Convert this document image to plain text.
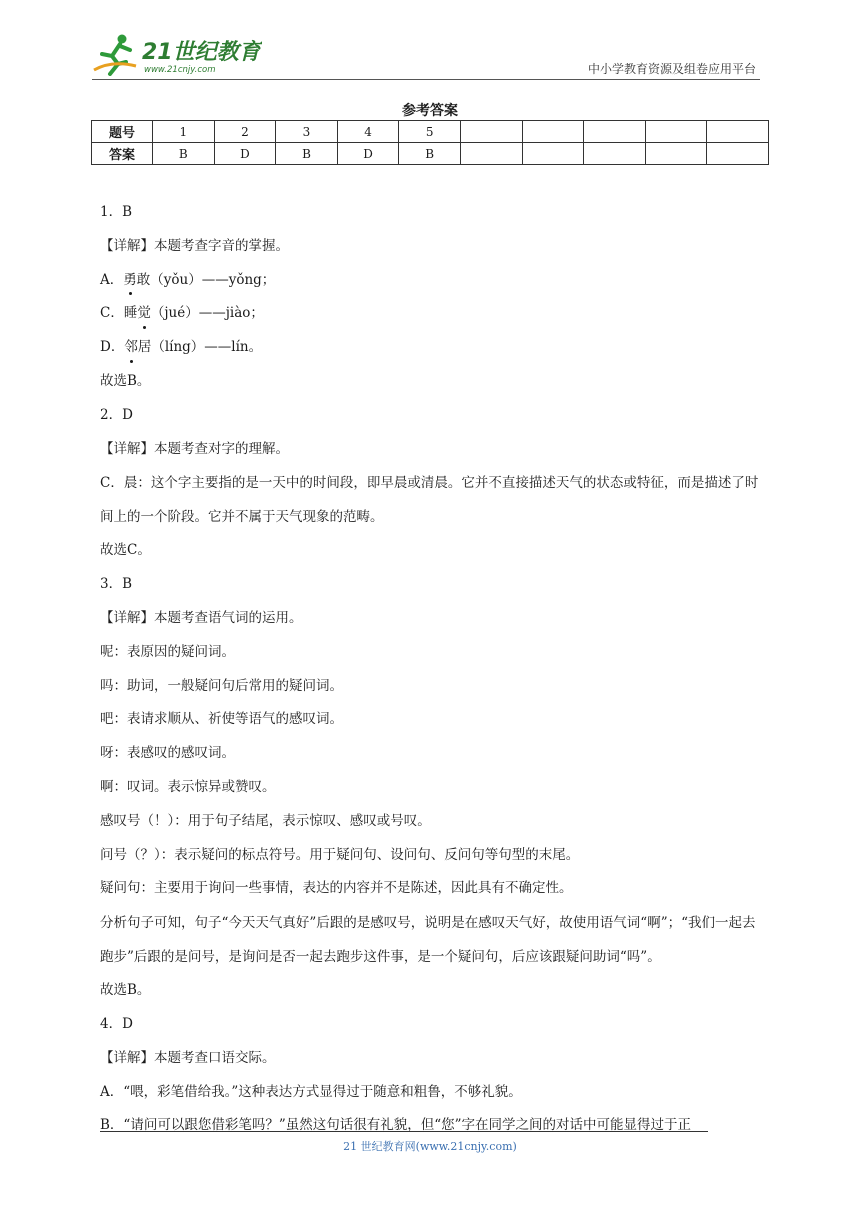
21世纪教育
www.21cnjy.com	中小学教育资源及组卷应用平台
参考答案
题号	1	2	3	4	5					
答案	B	D	B	D	B					
1．B
【详解】本题考查字音的掌握。
A．勇敢（yǒu）——yǒng；
C．睡觉（jué）——jiào；
D．邻居（líng）——lín。
故选B。
2．D
【详解】本题考查对字的理解。
C．晨：这个字主要指的是一天中的时间段，即早晨或清晨。它并不直接描述天气的状态或特征，而是描述了时间上的一个阶段。它并不属于天气现象的范畴。
故选C。
3．B
【详解】本题考查语气词的运用。
呢：表原因的疑问词。
吗：助词，一般疑问句后常用的疑问词。
吧：表请求顺从、祈使等语气的感叹词。
呀：表感叹的感叹词。
啊：叹词。表示惊异或赞叹。
感叹号（！）：用于句子结尾，表示惊叹、感叹或号叹。
问号（？）：表示疑问的标点符号。用于疑问句、设问句、反问句等句型的末尾。
疑问句：主要用于询问一些事情，表达的内容并不是陈述，因此具有不确定性。
分析句子可知，句子“今天天气真好”后跟的是感叹号，说明是在感叹天气好，故使用语气词“啊”；“我们一起去跑步”后跟的是问号，是询问是否一起去跑步这件事，是一个疑问句，后应该跟疑问助词“吗”。
故选B。
4．D
【详解】本题考查口语交际。
A．“喂，彩笔借给我。”这种表达方式显得过于随意和粗鲁，不够礼貌。
B．“请问可以跟您借彩笔吗？”虽然这句话很有礼貌，但“您”字在同学之间的对话中可能显得过于正
21 世纪教育网(www.21cnjy.com)
